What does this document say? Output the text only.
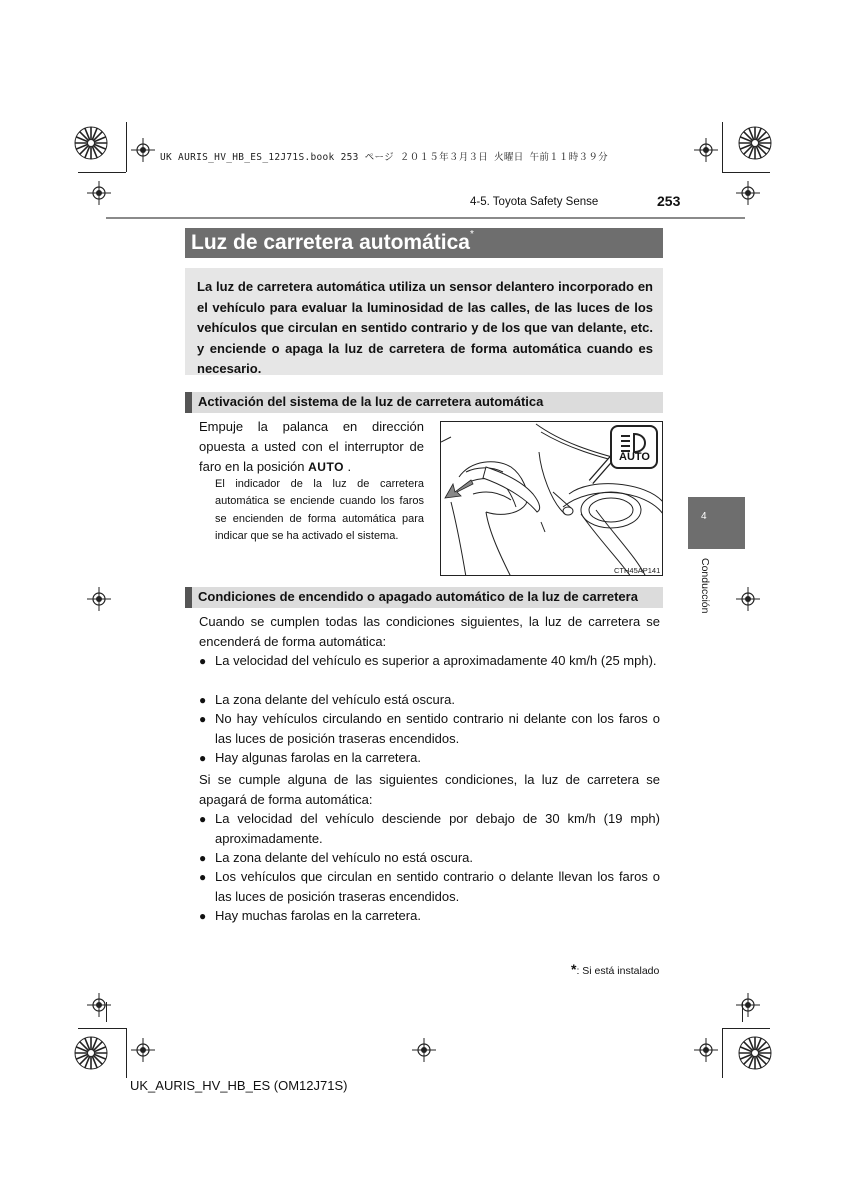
UK AURIS_HV_HB_ES_12J71S.book 253 ページ ２０１５年３月３日 火曜日 午前１１時３９分
4-5. Toyota Safety Sense	253
Luz de carretera automática*
La luz de carretera automática utiliza un sensor delantero incorporado en el vehículo para evaluar la luminosidad de las calles, de las luces de los vehículos que circulan en sentido contrario y de los que van delante, etc. y enciende o apaga la luz de carretera de forma automática cuando es necesario.
Activación del sistema de la luz de carretera automática
Empuje la palanca en dirección opuesta a usted con el interruptor de faro en la posición AUTO .
El indicador de la luz de carretera automática se enciende cuando los faros se encienden de forma automática para indicar que se ha activado el sistema.
AUTO
CTH45AP141
Condiciones de encendido o apagado automático de la luz de carretera
Cuando se cumplen todas las condiciones siguientes, la luz de carretera se encenderá de forma automática:
● La velocidad del vehículo es superior a aproximadamente 40 km/h (25 mph).
● La zona delante del vehículo está oscura.
● No hay vehículos circulando en sentido contrario ni delante con los faros o las luces de posición traseras encendidos.
● Hay algunas farolas en la carretera.
Si se cumple alguna de las siguientes condiciones, la luz de carretera se apagará de forma automática:
● La velocidad del vehículo desciende por debajo de 30 km/h (19 mph) aproximadamente.
● La zona delante del vehículo no está oscura.
● Los vehículos que circulan en sentido contrario o delante llevan los faros o las luces de posición traseras encendidos.
● Hay muchas farolas en la carretera.
*: Si está instalado
4
Conducción
UK_AURIS_HV_HB_ES (OM12J71S)
